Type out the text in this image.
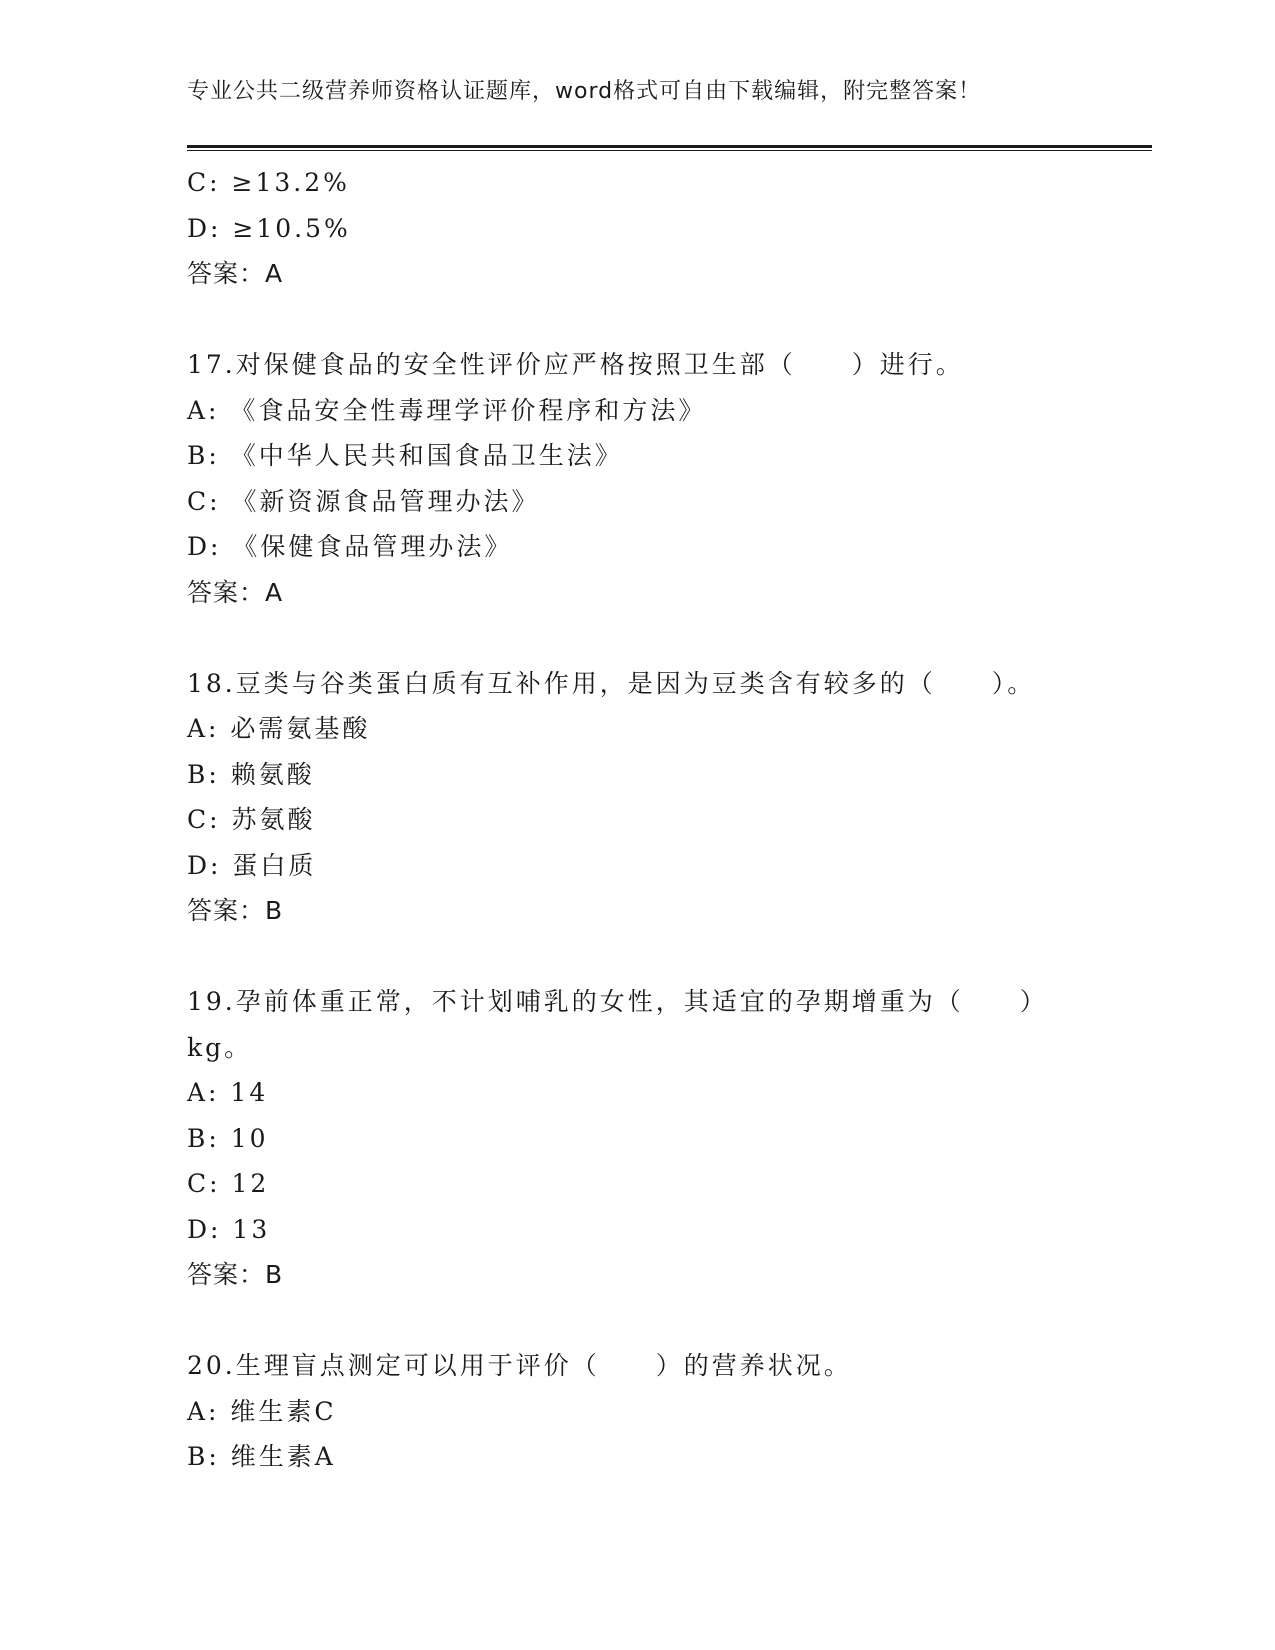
专业公共二级营养师资格认证题库，word格式可自由下载编辑，附完整答案！
C: ≥13.2%
D: ≥10.5%
答案：A
17.对保健食品的安全性评价应严格按照卫生部（　　）进行。
A: 《食品安全性毒理学评价程序和方法》
B: 《中华人民共和国食品卫生法》
C: 《新资源食品管理办法》
D: 《保健食品管理办法》
答案：A
18.豆类与谷类蛋白质有互补作用，是因为豆类含有较多的（　　）。
A: 必需氨基酸
B: 赖氨酸
C: 苏氨酸
D: 蛋白质
答案：B
19.孕前体重正常，不计划哺乳的女性，其适宜的孕期增重为（　　）
kg。
A: 14
B: 10
C: 12
D: 13
答案：B
20.生理盲点测定可以用于评价（　　）的营养状况。
A: 维生素C
B: 维生素A
